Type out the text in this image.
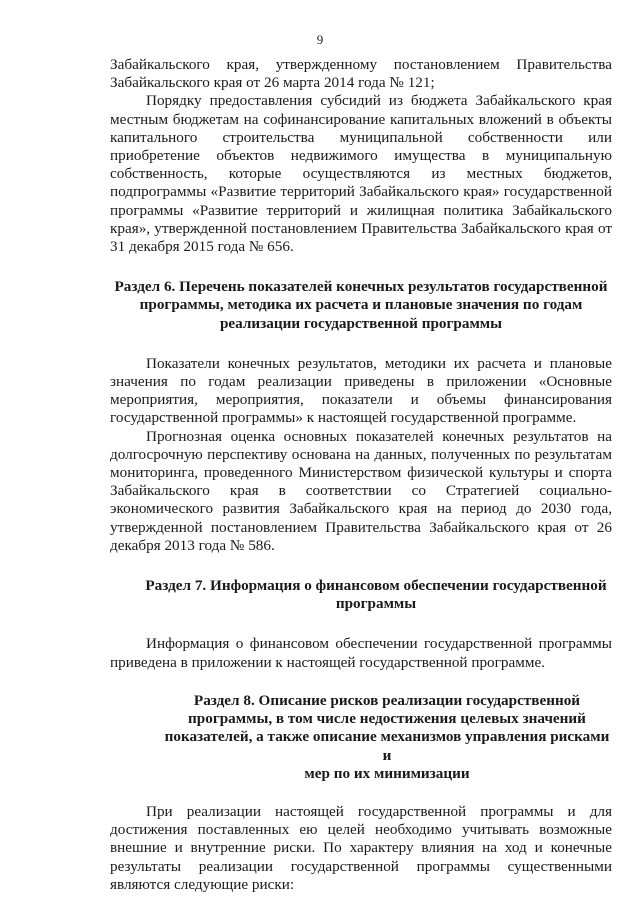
9

Забайкальского края, утвержденному постановлением Правительства

Забайкальского края от 26 марта 2014 года № 121;

Порядку предоставления субсидий из бюджета Забайкальского края местным бюджетам на софинансирование капитальных вложений в объекты капитального строительства муниципальной собственности или приобретение объектов недвижимого имущества в муниципальную собственность, которые осуществляются из местных бюджетов, подпрограммы «Развитие территорий Забайкальского края» государственной программы «Развитие территорий и жилищная политика Забайкальского края», утвержденной постановлением Правительства Забайкальского края от 31 декабря 2015 года № 656.

Раздел 6. Перечень показателей конечных результатов государственной
программы, методика их расчета и плановые значения по годам
реализации государственной программы

Показатели конечных результатов, методики их расчета и плановые значения по годам реализации приведены в приложении «Основные мероприятия, мероприятия, показатели и объемы финансирования государственной программы» к настоящей государственной программе.

Прогнозная оценка основных показателей конечных результатов на долгосрочную перспективу основана на данных, полученных по результатам мониторинга, проведенного Министерством физической культуры и спорта Забайкальского края в соответствии со Стратегией социально-экономического развития Забайкальского края на период до 2030 года, утвержденной постановлением Правительства Забайкальского края от 26 декабря 2013 года № 586.

Раздел 7. Информация о финансовом обеспечении государственной
программы

Информация о финансовом обеспечении государственной программы приведена в приложении к настоящей государственной программе.

Раздел 8. Описание рисков реализации государственной
программы, в том числе недостижения целевых значений
показателей, а также описание механизмов управления рисками и
мер по их минимизации

При реализации настоящей государственной программы и для достижения поставленных ею целей необходимо учитывать возможные внешние и внутренние риски. По характеру влияния на ход и конечные результаты реализации государственной программы существенными являются следующие риски:
